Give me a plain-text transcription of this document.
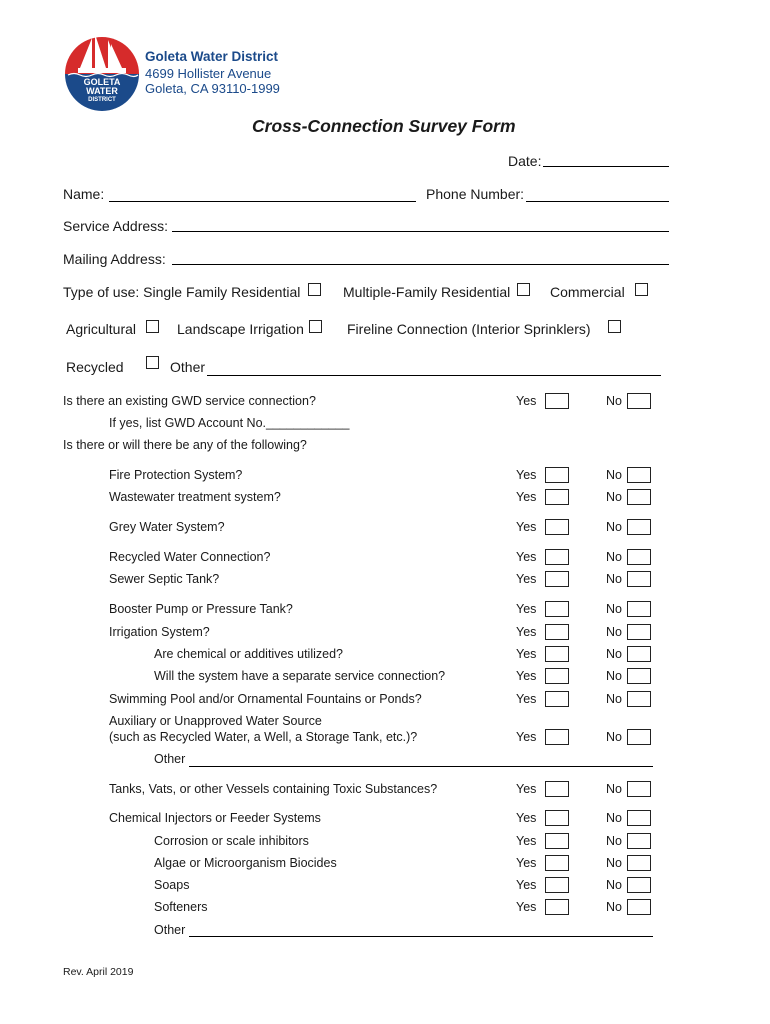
GOLETA
WATER
DISTRICT
Goleta Water District
4699 Hollister Avenue
Goleta, CA 93110-1999
Cross-Connection Survey Form
Date:
Name:	Phone Number:
Service Address:
Mailing Address:
Type of use: Single Family Residential	Multiple-Family Residential	Commercial
Agricultural	Landscape Irrigation	Fireline Connection (Interior Sprinklers)
Recycled	Other
Is there an existing GWD service connection?	Yes	No
If yes, list GWD Account No.____________
Is there or will there be any of the following?
Fire Protection System?	Yes	No
Wastewater treatment system?	Yes	No
Grey Water System?	Yes	No
Recycled Water Connection?	Yes	No
Sewer Septic Tank?	Yes	No
Booster Pump or Pressure Tank?	Yes	No
Irrigation System?	Yes	No
Are chemical or additives utilized?	Yes	No
Will the system have a separate service connection?	Yes	No
Swimming Pool and/or Ornamental Fountains or Ponds?	Yes	No
Auxiliary or Unapproved Water Source
(such as Recycled Water, a Well, a Storage Tank, etc.)?	Yes	No
Other
Tanks, Vats, or other Vessels containing Toxic Substances?	Yes	No
Chemical Injectors or Feeder Systems	Yes	No
Corrosion or scale inhibitors	Yes	No
Algae or Microorganism Biocides	Yes	No
Soaps	Yes	No
Softeners	Yes	No
Other
Rev. April 2019
